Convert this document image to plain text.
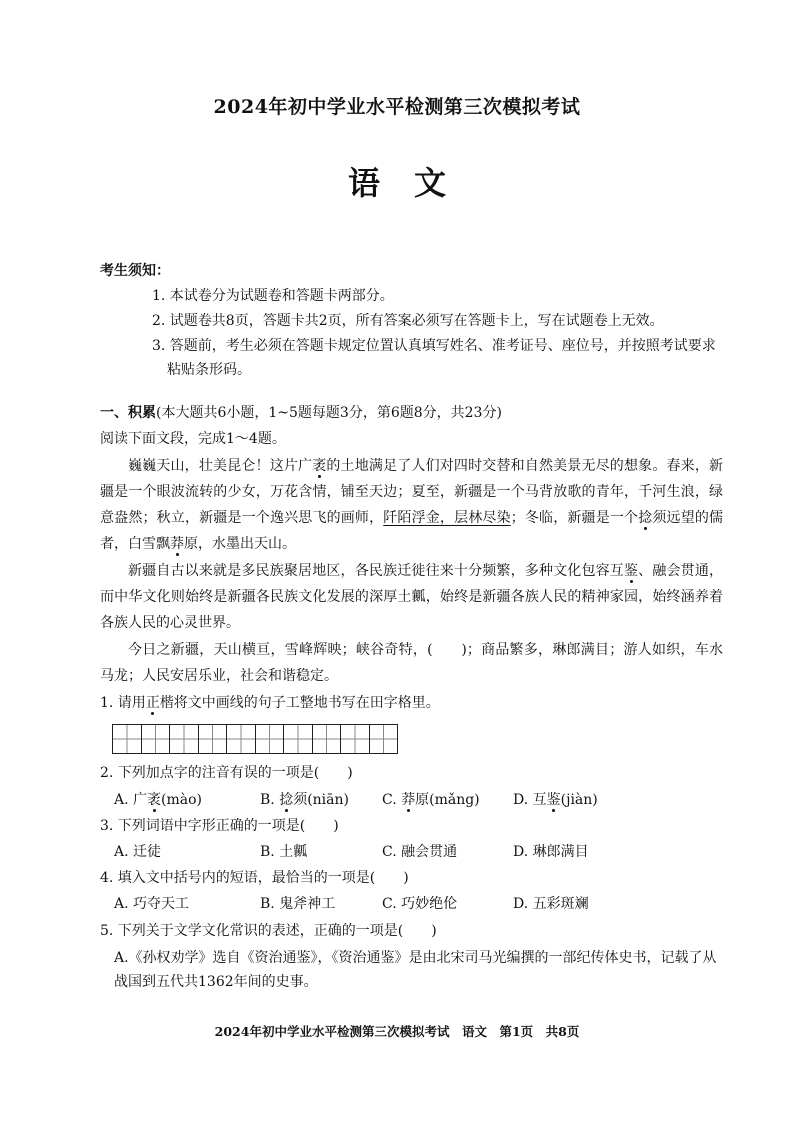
2024年初中学业水平检测第三次模拟考试
语文
考生须知：
1. 本试卷分为试题卷和答题卡两部分。
2. 试题卷共8页，答题卡共2页，所有答案必须写在答题卡上，写在试题卷上无效。
3. 答题前，考生必须在答题卡规定位置认真填写姓名、准考证号、座位号，并按照考试要求
粘贴条形码。
一、积累(本大题共6小题，1~5题每题3分，第6题8分，共23分)
阅读下面文段，完成1～4题。
巍巍天山，壮美昆仑！这片广袤的土地满足了人们对四时交替和自然美景无尽的想象。春来，新疆是一个眼波流转的少女，万花含情，铺至天边；夏至，新疆是一个马背放歌的青年，千河生浪，绿意盎然；秋立，新疆是一个逸兴思飞的画师，阡陌浮金，层林尽染；冬临，新疆是一个捻须远望的儒者，白雪飘莽原，水墨出天山。
新疆自古以来就是多民族聚居地区，各民族迁徙往来十分频繁，多种文化包容互鉴、融会贯通，而中华文化则始终是新疆各民族文化发展的深厚土瓤，始终是新疆各族人民的精神家园，始终涵养着各族人民的心灵世界。
今日之新疆，天山横亘，雪峰辉映；峡谷奇特，(　　)；商品繁多，琳郎满目；游人如织，车水马龙；人民安居乐业，社会和谐稳定。
1. 请用正楷将文中画线的句子工整地书写在田字格里。
2. 下列加点字的注音有误的一项是(　　)
A. 广袤(mào)	B. 捻须(niān) C. 莽原(mǎng) D. 互鉴(jiàn)
3. 下列词语中字形正确的一项是(　　)
A. 迁徒	B. 土瓤	C. 融会贯通	D. 琳郎满目
4. 填入文中括号内的短语，最恰当的一项是(　　)
A. 巧夺天工	B. 鬼斧神工	C. 巧妙绝伦	D. 五彩斑斓
5. 下列关于文学文化常识的表述，正确的一项是(　　)
A.《孙权劝学》选自《资治通鉴》，《资治通鉴》是由北宋司马光编撰的一部纪传体史书，记载了从战国到五代共1362年间的史事。
2024年初中学业水平检测第三次模拟考试　语文　第1页　共8页
